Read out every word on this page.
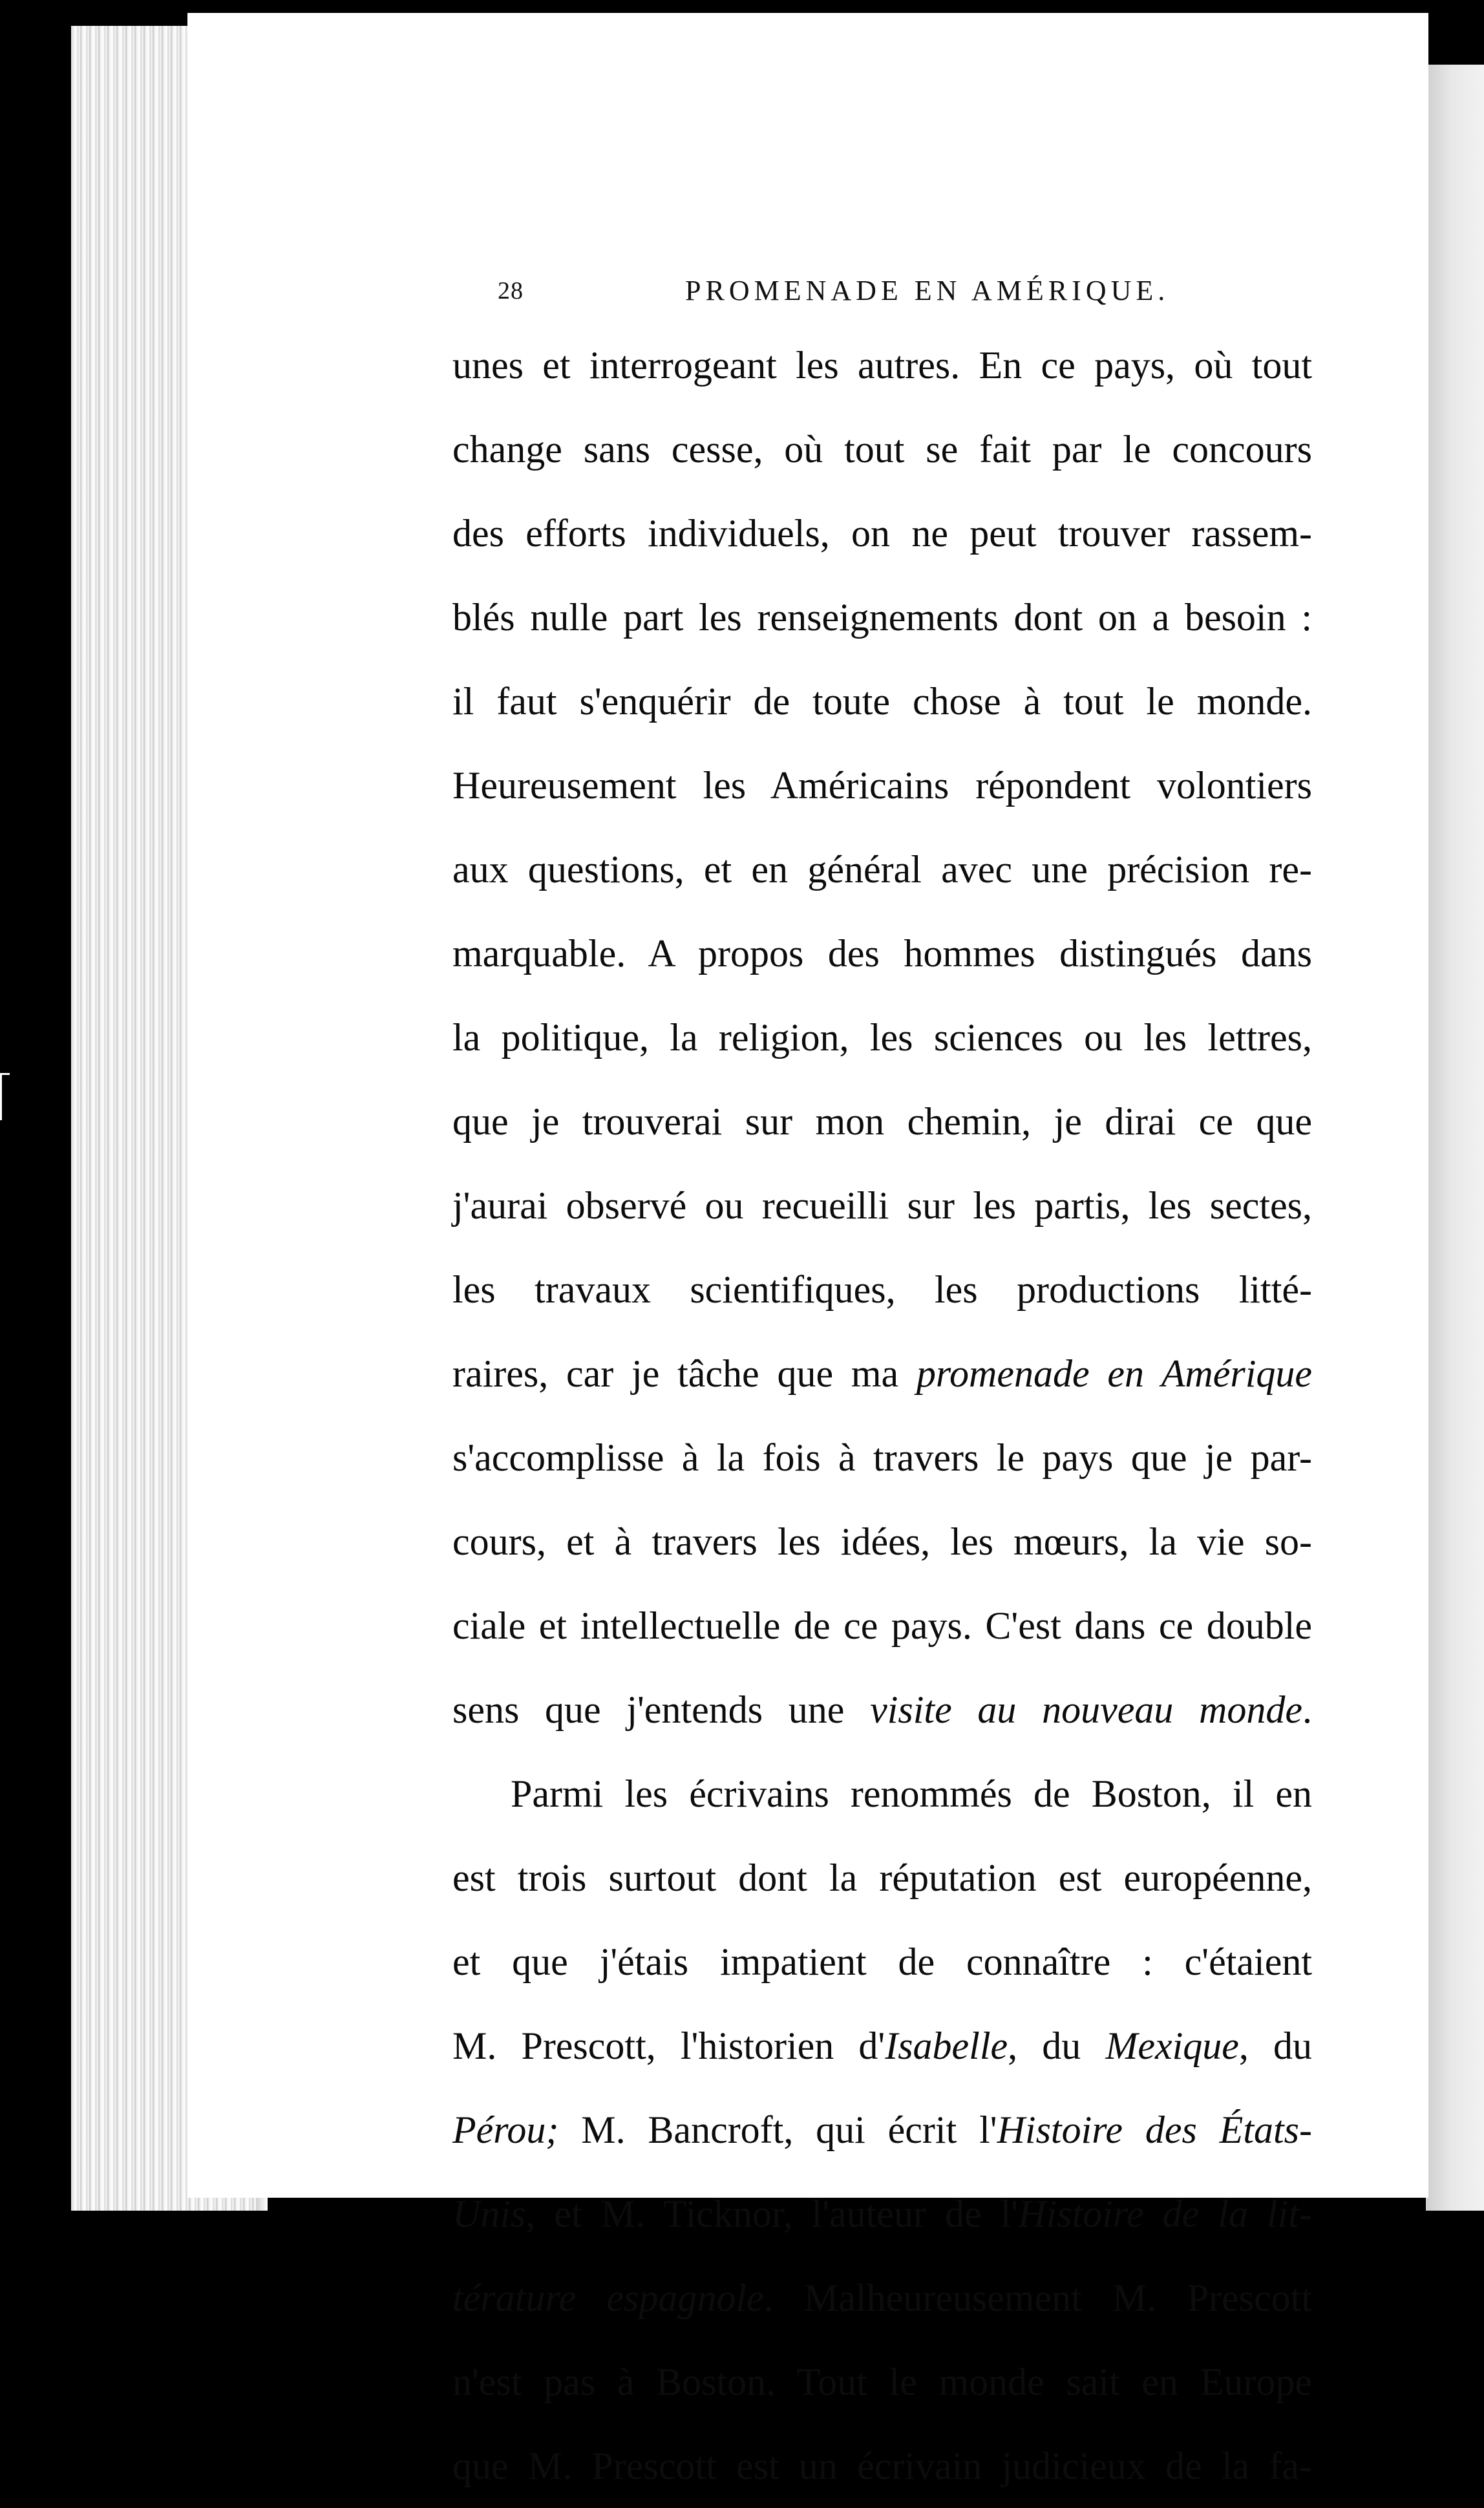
28	PROMENADE EN AMÉRIQUE.
unes et interrogeant les autres. En ce pays, où tout
change sans cesse, où tout se fait par le concours
des efforts individuels, on ne peut trouver rassem-
blés nulle part les renseignements dont on a besoin :
il faut s'enquérir de toute chose à tout le monde.
Heureusement les Américains répondent volontiers
aux questions, et en général avec une précision re-
marquable. A propos des hommes distingués dans
la politique, la religion, les sciences ou les lettres,
que je trouverai sur mon chemin, je dirai ce que
j'aurai observé ou recueilli sur les partis, les sectes,
les travaux scientifiques, les productions litté-
raires, car je tâche que ma promenade en Amérique
s'accomplisse à la fois à travers le pays que je par-
cours, et à travers les idées, les mœurs, la vie so-
ciale et intellectuelle de ce pays. C'est dans ce double
sens que j'entends une visite au nouveau monde.
Parmi les écrivains renommés de Boston, il en
est trois surtout dont la réputation est européenne,
et que j'étais impatient de connaître : c'étaient
M. Prescott, l'historien d'Isabelle, du Mexique, du
Pérou; M. Bancroft, qui écrit l'Histoire des États-
Unis, et M. Ticknor, l'auteur de l'Histoire de la lit-
térature espagnole. Malheureusement M. Prescott
n'est pas à Boston. Tout le monde sait en Europe
que M. Prescott est un écrivain judicieux de la fa-
